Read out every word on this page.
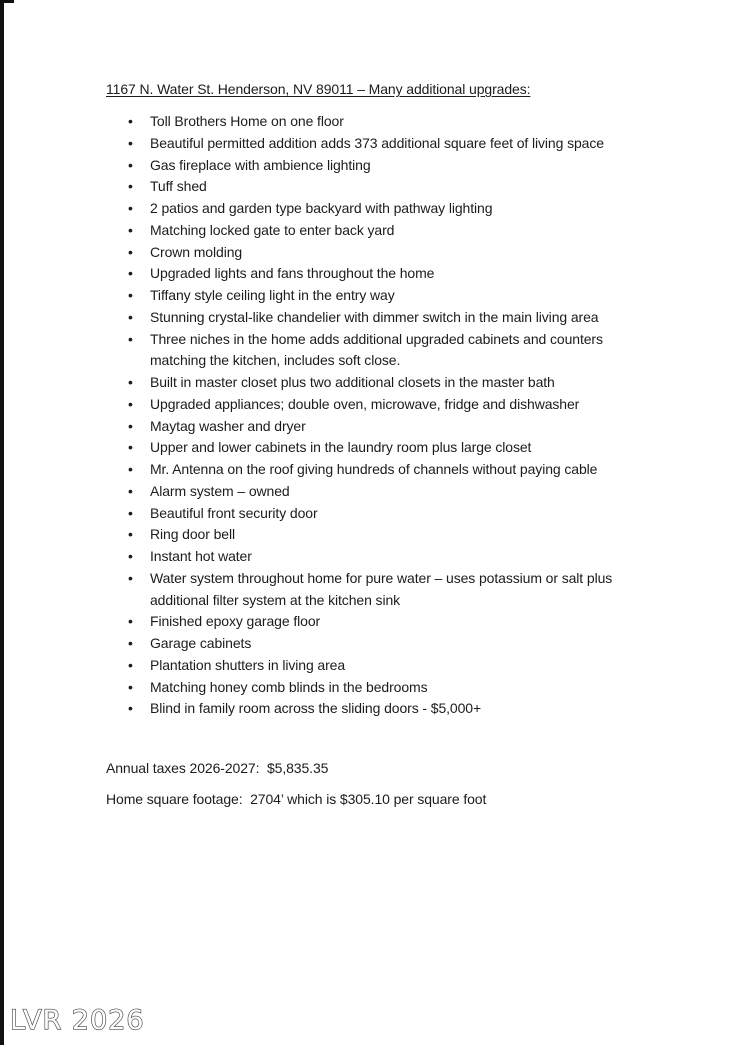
1167 N. Water St. Henderson, NV 89011 – Many additional upgrades:
• Toll Brothers Home on one floor
• Beautiful permitted addition adds 373 additional square feet of living space
• Gas fireplace with ambience lighting
• Tuff shed
• 2 patios and garden type backyard with pathway lighting
• Matching locked gate to enter back yard
• Crown molding
• Upgraded lights and fans throughout the home
• Tiffany style ceiling light in the entry way
• Stunning crystal-like chandelier with dimmer switch in the main living area
• Three niches in the home adds additional upgraded cabinets and counters matching the kitchen, includes soft close.
• Built in master closet plus two additional closets in the master bath
• Upgraded appliances; double oven, microwave, fridge and dishwasher
• Maytag washer and dryer
• Upper and lower cabinets in the laundry room plus large closet
• Mr. Antenna on the roof giving hundreds of channels without paying cable
• Alarm system – owned
• Beautiful front security door
• Ring door bell
• Instant hot water
• Water system throughout home for pure water – uses potassium or salt plus additional filter system at the kitchen sink
• Finished epoxy garage floor
• Garage cabinets
• Plantation shutters in living area
• Matching honey comb blinds in the bedrooms
• Blind in family room across the sliding doors - $5,000+

Annual taxes 2026-2027:  $5,835.35

Home square footage:  2704’ which is $305.10 per square foot

LVR 2026
